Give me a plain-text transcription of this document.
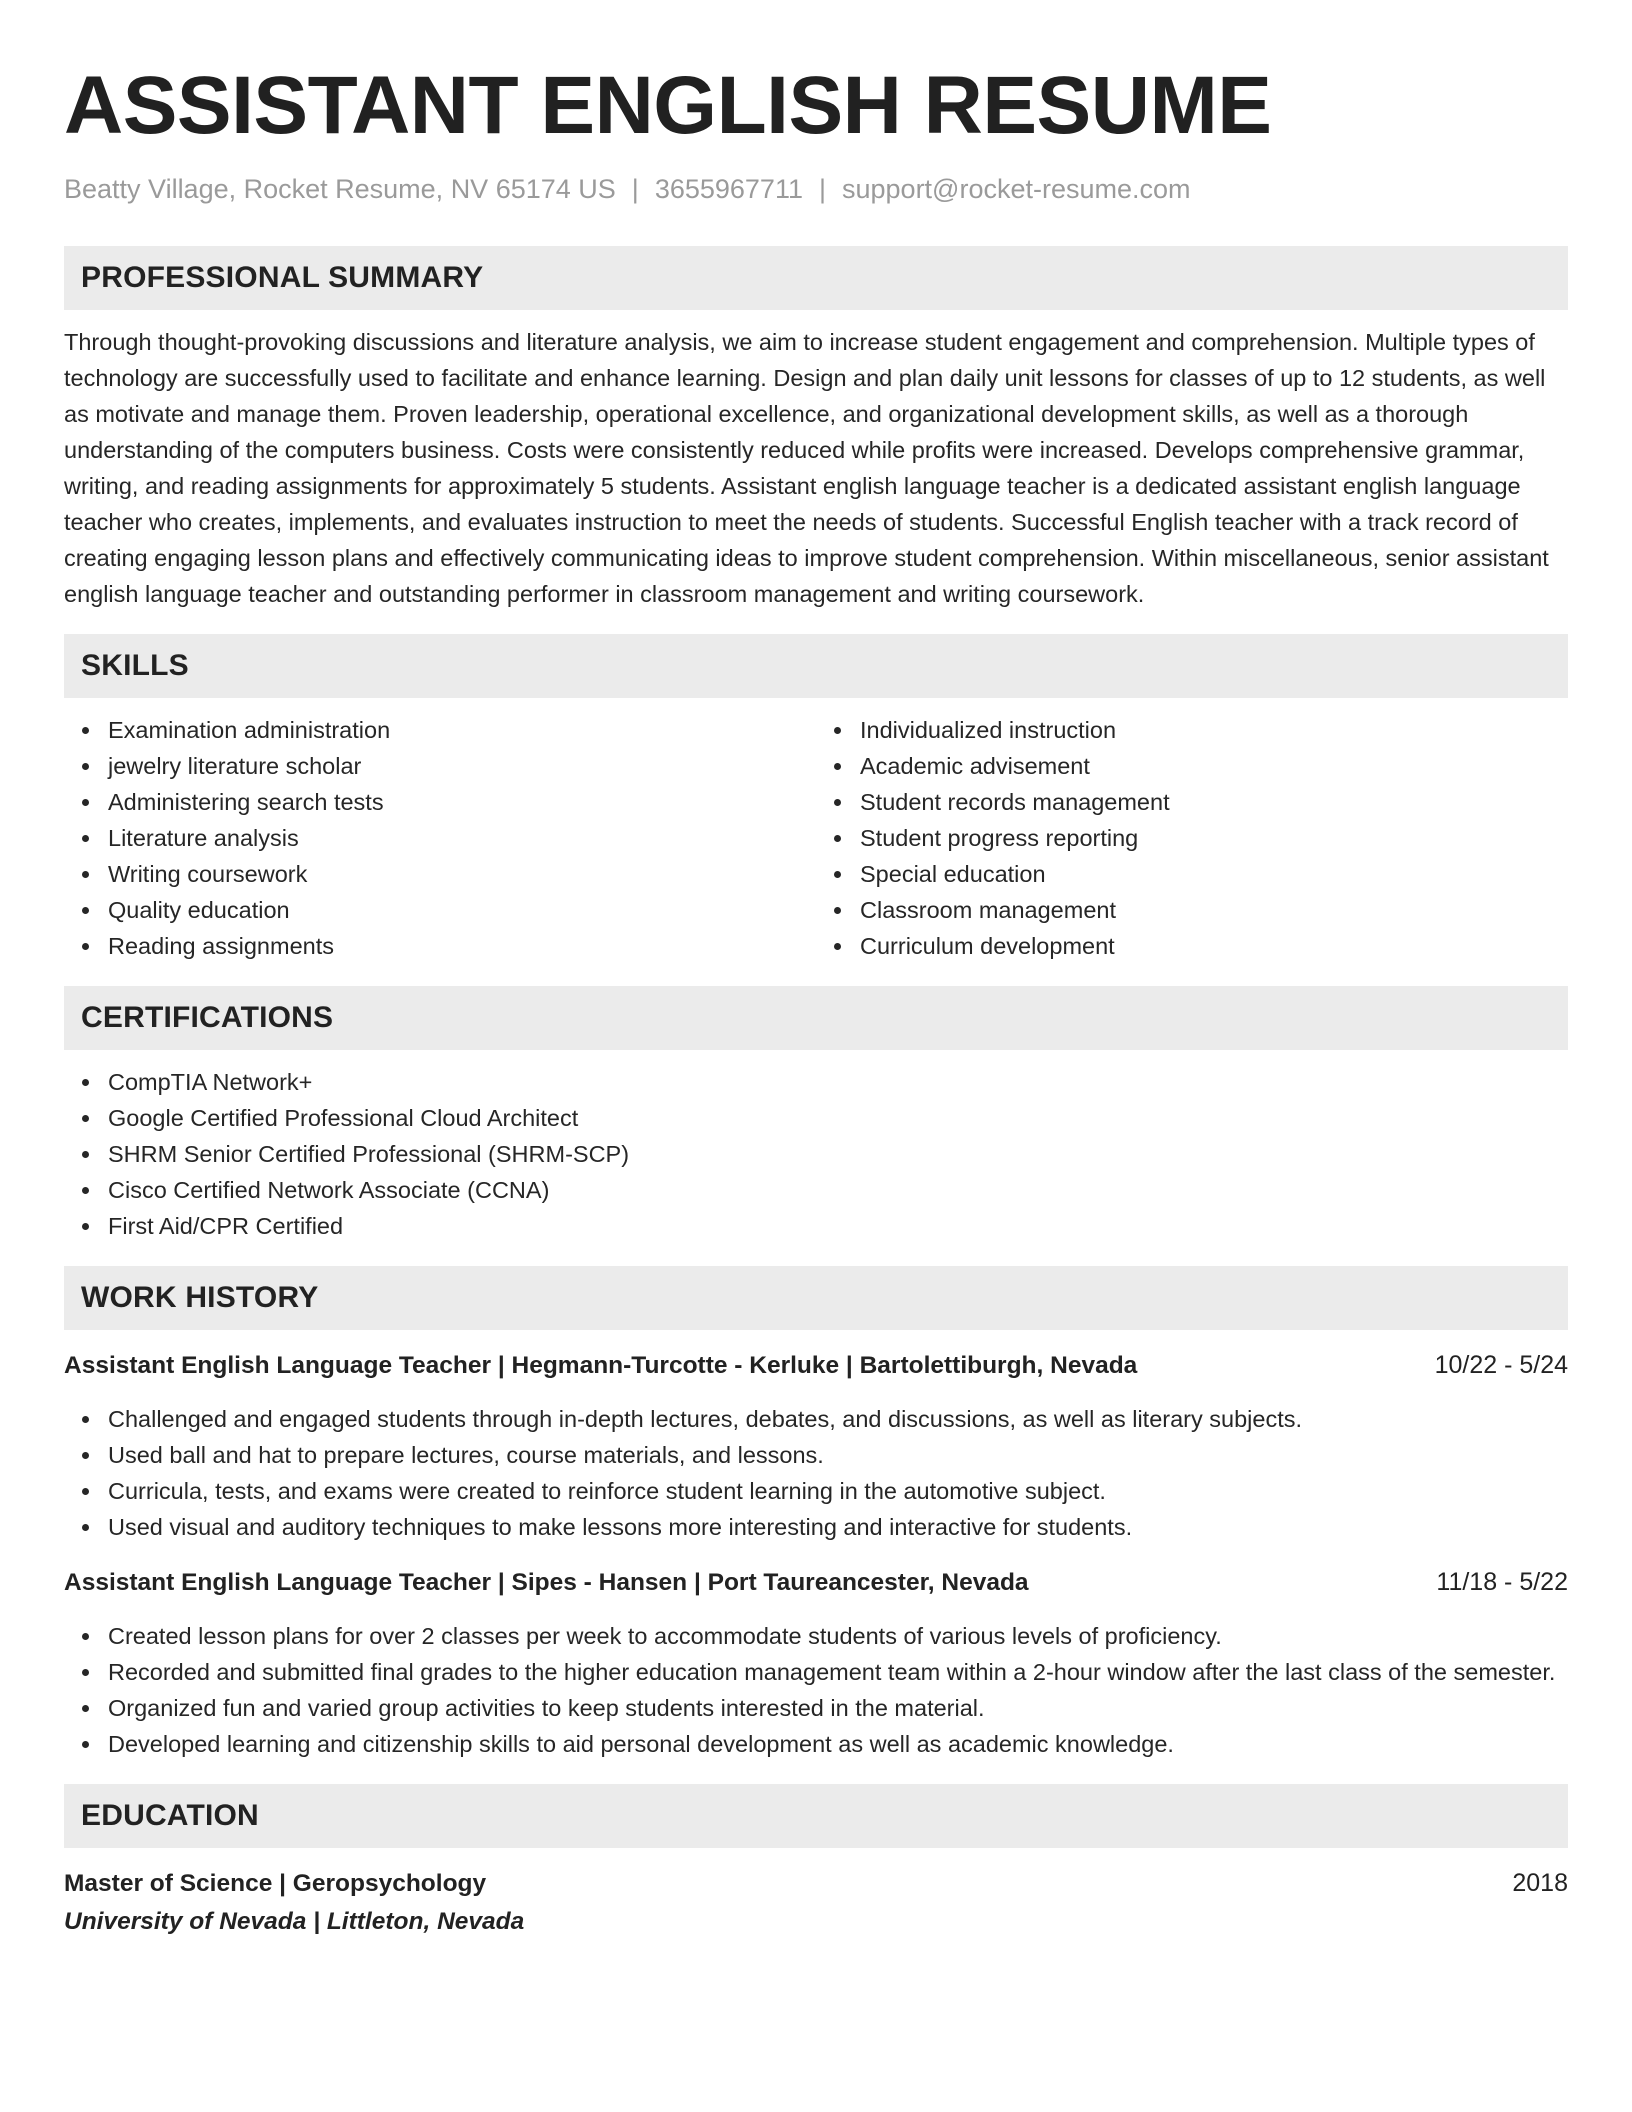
ASSISTANT ENGLISH RESUME
Beatty Village, Rocket Resume, NV 65174 US | 3655967711 | support@rocket-resume.com
PROFESSIONAL SUMMARY

Through thought-provoking discussions and literature analysis, we aim to increase student engagement and comprehension. Multiple types of technology are successfully used to facilitate and enhance learning. Design and plan daily unit lessons for classes of up to 12 students, as well as motivate and manage them. Proven leadership, operational excellence, and organizational development skills, as well as a thorough understanding of the computers business. Costs were consistently reduced while profits were increased. Develops comprehensive grammar, writing, and reading assignments for approximately 5 students. Assistant english language teacher is a dedicated assistant english language teacher who creates, implements, and evaluates instruction to meet the needs of students. Successful English teacher with a track record of creating engaging lesson plans and effectively communicating ideas to improve student comprehension. Within miscellaneous, senior assistant english language teacher and outstanding performer in classroom management and writing coursework.

SKILLS
Examination administration
jewelry literature scholar
Administering search tests
Literature analysis
Writing coursework
Quality education
Reading assignments
Individualized instruction
Academic advisement
Student records management
Student progress reporting
Special education
Classroom management
Curriculum development
CERTIFICATIONS
CompTIA Network+
Google Certified Professional Cloud Architect
SHRM Senior Certified Professional (SHRM-SCP)
Cisco Certified Network Associate (CCNA)
First Aid/CPR Certified
WORK HISTORY
Assistant English Language Teacher | Hegmann-Turcotte - Kerluke | Bartolettiburgh, Nevada	10/22 - 5/24
Challenged and engaged students through in-depth lectures, debates, and discussions, as well as literary subjects.
Used ball and hat to prepare lectures, course materials, and lessons.
Curricula, tests, and exams were created to reinforce student learning in the automotive subject.
Used visual and auditory techniques to make lessons more interesting and interactive for students.
Assistant English Language Teacher | Sipes - Hansen | Port Taureancester, Nevada	11/18 - 5/22
Created lesson plans for over 2 classes per week to accommodate students of various levels of proficiency.
Recorded and submitted final grades to the higher education management team within a 2-hour window after the last class of the semester.
Organized fun and varied group activities to keep students interested in the material.
Developed learning and citizenship skills to aid personal development as well as academic knowledge.
EDUCATION
Master of Science | Geropsychology	2018
University of Nevada | Littleton, Nevada
